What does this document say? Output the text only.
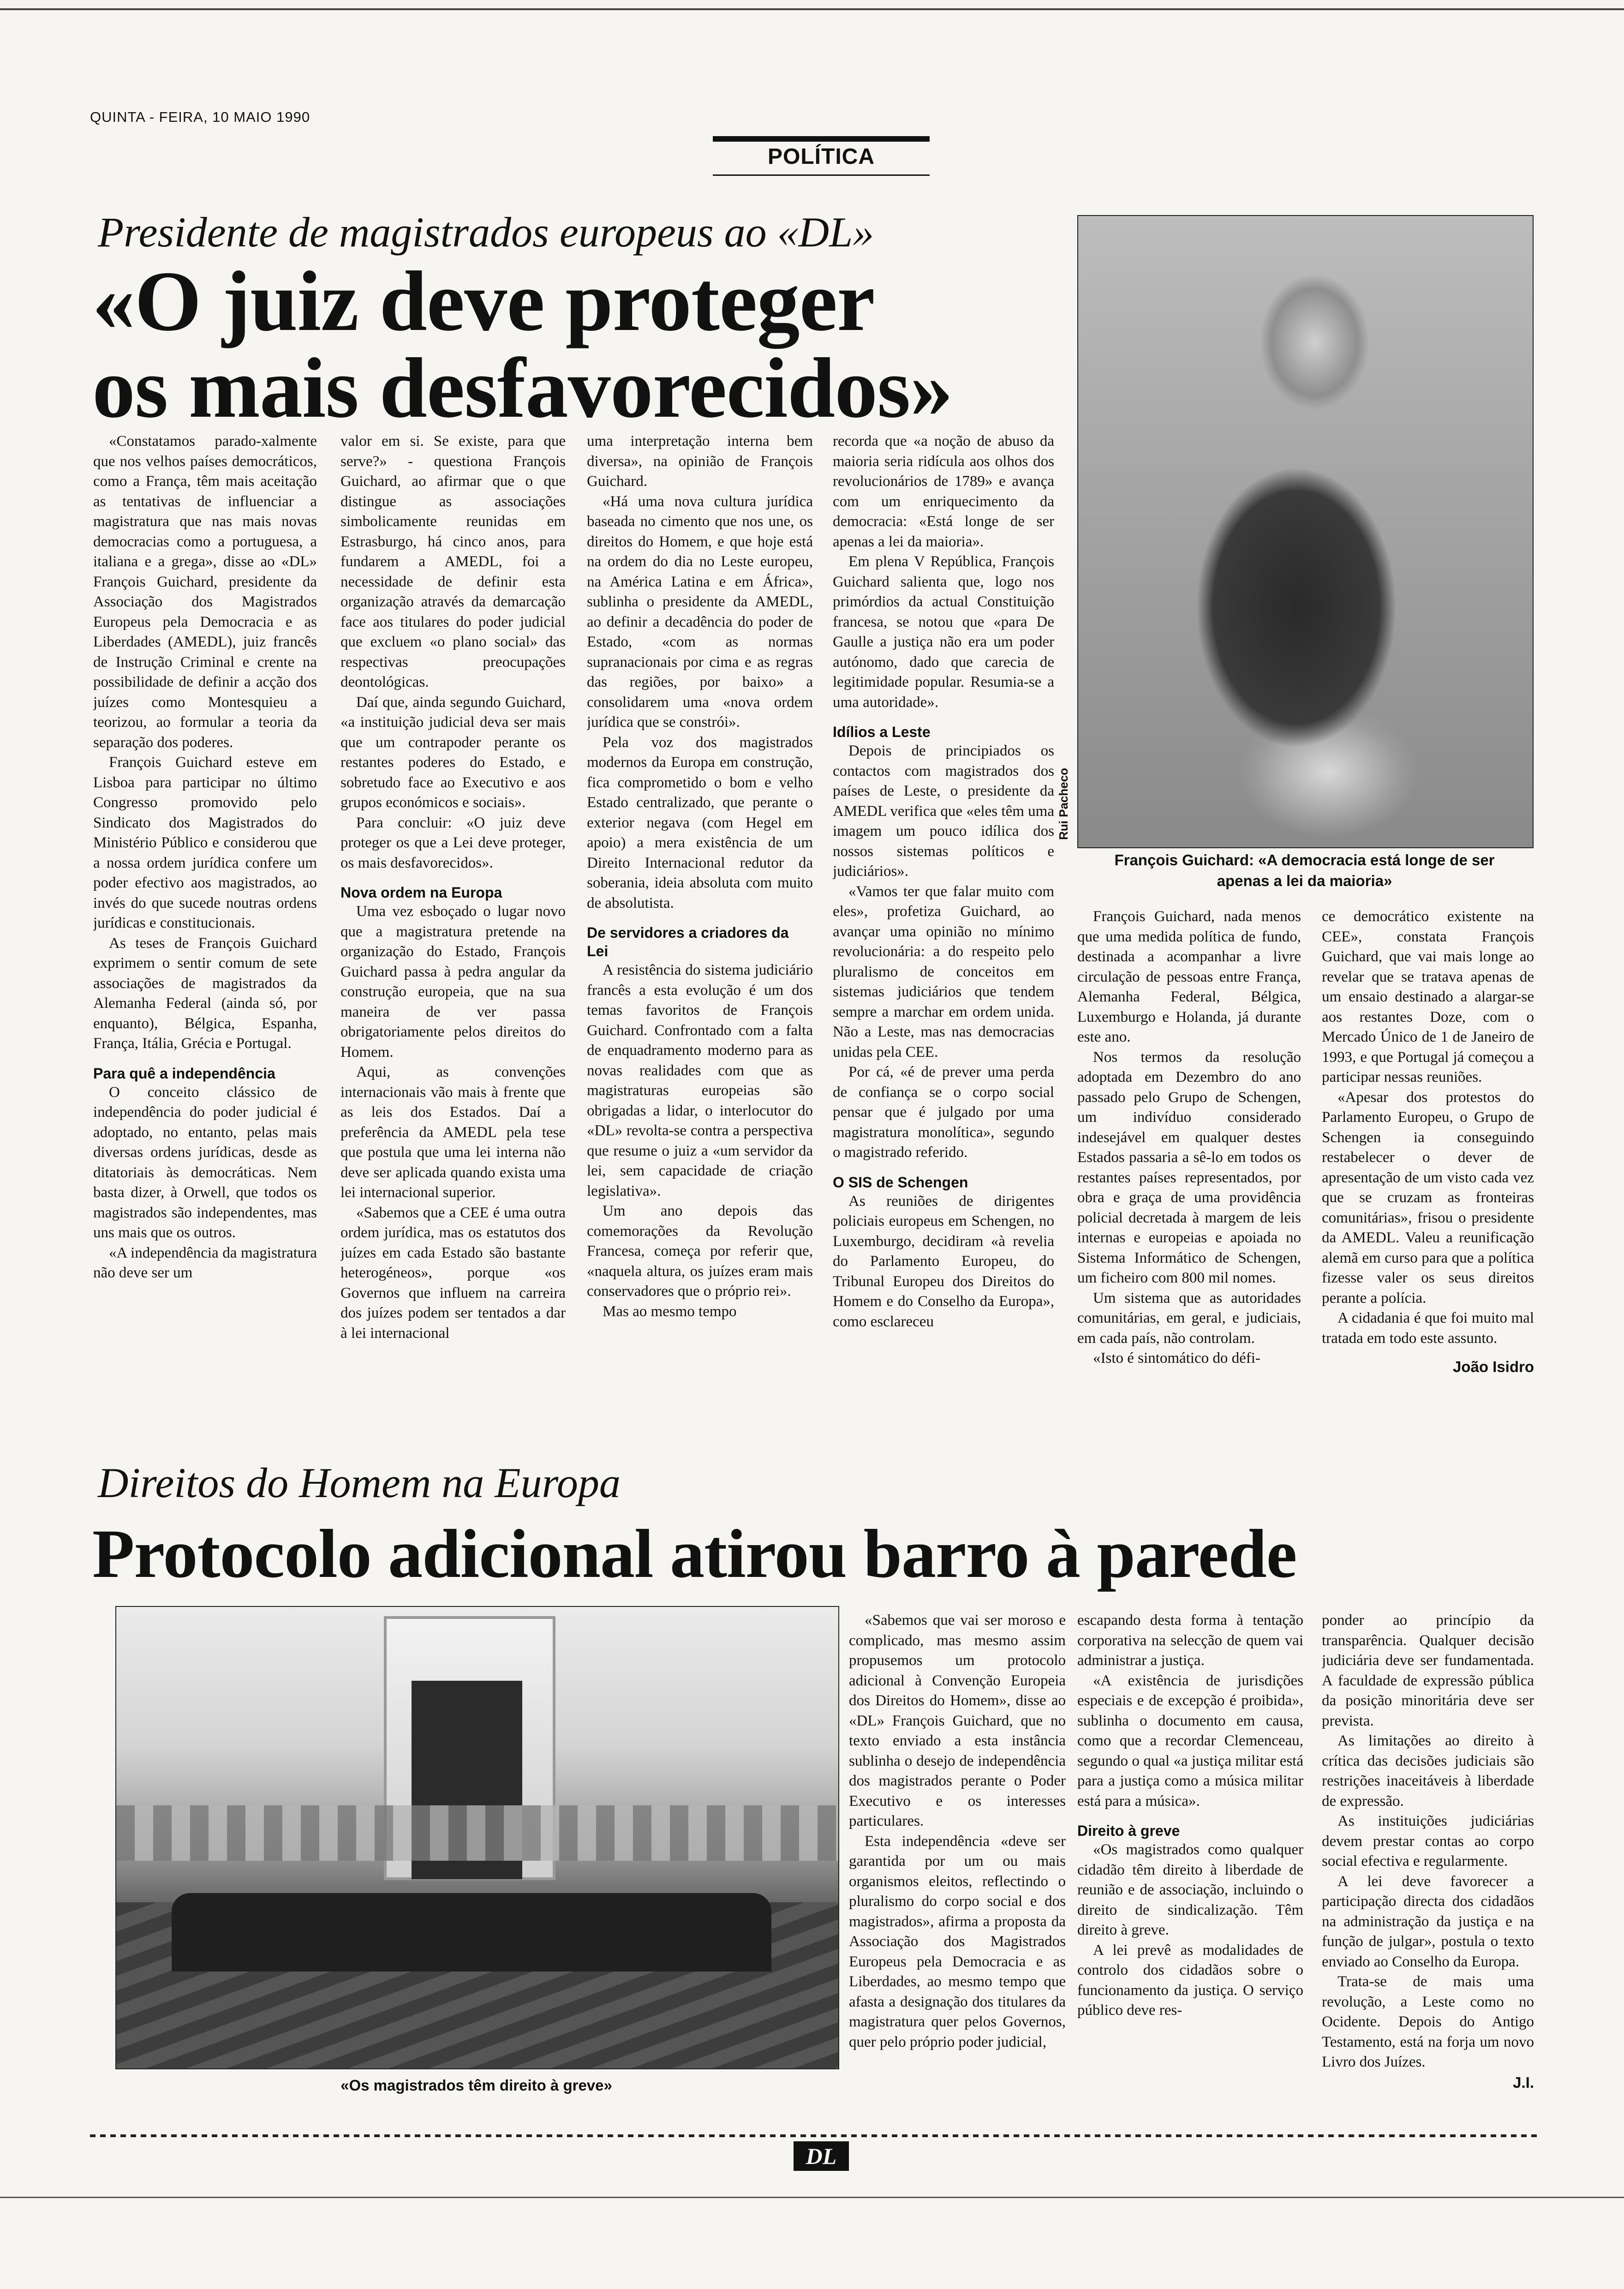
QUINTA - FEIRA, 10 MAIO 1990
POLÍTICA
Presidente de magistrados europeus ao «DL»
«O juiz deve proteger
os mais desfavorecidos»
Rui Pacheco
François Guichard: «A democracia está longe de ser
apenas a lei da maioria»

«Constatamos parado-xalmente que nos velhos países democráticos, como a França, têm mais aceitação as tentativas de influenciar a magistratura que nas mais novas democracias como a portuguesa, a italiana e a grega», disse ao «DL» François Guichard, presidente da Associação dos Magistrados Europeus pela Democracia e as Liberdades (AMEDL), juiz francês de Instrução Criminal e crente na possibilidade de definir a acção dos juízes como Montesquieu a teorizou, ao formular a teoria da separação dos poderes.

François Guichard esteve em Lisboa para participar no último Congresso promovido pelo Sindicato dos Magistrados do Ministério Público e considerou que a nossa ordem jurídica confere um poder efectivo aos magistrados, ao invés do que sucede noutras ordens jurídicas e constitucionais.

As teses de François Guichard exprimem o sentir comum de sete associações de magistrados da Alemanha Federal (ainda só, por enquanto), Bélgica, Espanha, França, Itália, Grécia e Portugal.

Para quê a independência

O conceito clássico de independência do poder judicial é adoptado, no entanto, pelas mais diversas ordens jurídicas, desde as ditatoriais às democráticas. Nem basta dizer, à Orwell, que todos os magistrados são independentes, mas uns mais que os outros.

«A independência da magistratura não deve ser um

valor em si. Se existe, para que serve?» - questiona François Guichard, ao afirmar que o que distingue as associações simbolicamente reunidas em Estrasburgo, há cinco anos, para fundarem a AMEDL, foi a necessidade de definir esta organização através da demarcação face aos titulares do poder judicial que excluem «o plano social» das respectivas preocupações deontológicas.

Daí que, ainda segundo Guichard, «a instituição judicial deva ser mais que um contrapoder perante os restantes poderes do Estado, e sobretudo face ao Executivo e aos grupos económicos e sociais».

Para concluir: «O juiz deve proteger os que a Lei deve proteger, os mais desfavorecidos».

Nova ordem na Europa

Uma vez esboçado o lugar novo que a magistratura pretende na organização do Estado, François Guichard passa à pedra angular da construção europeia, que na sua maneira de ver passa obrigatoriamente pelos direitos do Homem.

Aqui, as convenções internacionais vão mais à frente que as leis dos Estados. Daí a preferência da AMEDL pela tese que postula que uma lei interna não deve ser aplicada quando exista uma lei internacional superior.

«Sabemos que a CEE é uma outra ordem jurídica, mas os estatutos dos juízes em cada Estado são bastante heterogéneos», porque «os Governos que influem na carreira dos juízes podem ser tentados a dar à lei internacional

uma interpretação interna bem diversa», na opinião de François Guichard.

«Há uma nova cultura jurídica baseada no cimento que nos une, os direitos do Homem, e que hoje está na ordem do dia no Leste europeu, na América Latina e em África», sublinha o presidente da AMEDL, ao definir a decadência do poder de Estado, «com as normas supranacionais por cima e as regras das regiões, por baixo» a consolidarem uma «nova ordem jurídica que se constrói».

Pela voz dos magistrados modernos da Europa em construção, fica comprometido o bom e velho Estado centralizado, que perante o exterior negava (com Hegel em apoio) a mera existência de um Direito Internacional redutor da soberania, ideia absoluta com muito de absolutista.

De servidores a criadores da Lei

A resistência do sistema judiciário francês a esta evolução é um dos temas favoritos de François Guichard. Confrontado com a falta de enquadramento moderno para as novas realidades com que as magistraturas europeias são obrigadas a lidar, o interlocutor do «DL» revolta-se contra a perspectiva que resume o juiz a «um servidor da lei, sem capacidade de criação legislativa».

Um ano depois das comemorações da Revolução Francesa, começa por referir que, «naquela altura, os juízes eram mais conservadores que o próprio rei».

Mas ao mesmo tempo

recorda que «a noção de abuso da maioria seria ridícula aos olhos dos revolucionários de 1789» e avança com um enriquecimento da democracia: «Está longe de ser apenas a lei da maioria».

Em plena V República, François Guichard salienta que, logo nos primórdios da actual Constituição francesa, se notou que «para De Gaulle a justiça não era um poder autónomo, dado que carecia de legitimidade popular. Resumia-se a uma autoridade».

Idílios a Leste

Depois de principiados os contactos com magistrados dos países de Leste, o presidente da AMEDL verifica que «eles têm uma imagem um pouco idílica dos nossos sistemas políticos e judiciários».

«Vamos ter que falar muito com eles», profetiza Guichard, ao avançar uma opinião no mínimo revolucionária: a do respeito pelo pluralismo de conceitos em sistemas judiciários que tendem sempre a marchar em ordem unida. Não a Leste, mas nas democracias unidas pela CEE.

Por cá, «é de prever uma perda de confiança se o corpo social pensar que é julgado por uma magistratura monolítica», segundo o magistrado referido.

O SIS de Schengen

As reuniões de dirigentes policiais europeus em Schengen, no Luxemburgo, decidiram «à revelia do Parlamento Europeu, do Tribunal Europeu dos Direitos do Homem e do Conselho da Europa», como esclareceu

François Guichard, nada menos que uma medida política de fundo, destinada a acompanhar a livre circulação de pessoas entre França, Alemanha Federal, Bélgica, Luxemburgo e Holanda, já durante este ano.

Nos termos da resolução adoptada em Dezembro do ano passado pelo Grupo de Schengen, um indivíduo considerado indesejável em qualquer destes Estados passaria a sê-lo em todos os restantes países representados, por obra e graça de uma providência policial decretada à margem de leis internas e europeias e apoiada no Sistema Informático de Schengen, um ficheiro com 800 mil nomes.

Um sistema que as autoridades comunitárias, em geral, e judiciais, em cada país, não controlam.

«Isto é sintomático do défi-

ce democrático existente na CEE», constata François Guichard, que vai mais longe ao revelar que se tratava apenas de um ensaio destinado a alargar-se aos restantes Doze, com o Mercado Único de 1 de Janeiro de 1993, e que Portugal já começou a participar nessas reuniões.

«Apesar dos protestos do Parlamento Europeu, o Grupo de Schengen ia conseguindo restabelecer o dever de apresentação de um visto cada vez que se cruzam as fronteiras comunitárias», frisou o presidente da AMEDL. Valeu a reunificação alemã em curso para que a política fizesse valer os seus direitos perante a polícia.

A cidadania é que foi muito mal tratada em todo este assunto.

João Isidro

Direitos do Homem na Europa
Protocolo adicional atirou barro à parede
«Os magistrados têm direito à greve»

«Sabemos que vai ser moroso e complicado, mas mesmo assim propusemos um protocolo adicional à Convenção Europeia dos Direitos do Homem», disse ao «DL» François Guichard, que no texto enviado a esta instância sublinha o desejo de independência dos magistrados perante o Poder Executivo e os interesses particulares.

Esta independência «deve ser garantida por um ou mais organismos eleitos, reflectindo o pluralismo do corpo social e dos magistrados», afirma a proposta da Associação dos Magistrados Europeus pela Democracia e as Liberdades, ao mesmo tempo que afasta a designação dos titulares da magistratura quer pelos Governos, quer pelo próprio poder judicial,

escapando desta forma à tentação corporativa na selecção de quem vai administrar a justiça.

«A existência de jurisdições especiais e de excepção é proibida», sublinha o documento em causa, como que a recordar Clemenceau, segundo o qual «a justiça militar está para a justiça como a música militar está para a música».

Direito à greve

«Os magistrados como qualquer cidadão têm direito à liberdade de reunião e de associação, incluindo o direito de sindicalização. Têm direito à greve.

A lei prevê as modalidades de controlo dos cidadãos sobre o funcionamento da justiça. O serviço público deve res-

ponder ao princípio da transparência. Qualquer decisão judiciária deve ser fundamentada. A faculdade de expressão pública da posição minoritária deve ser prevista.

As limitações ao direito à crítica das decisões judiciais são restrições inaceitáveis à liberdade de expressão.

As instituições judiciárias devem prestar contas ao corpo social efectiva e regularmente.

A lei deve favorecer a participação directa dos cidadãos na administração da justiça e na função de julgar», postula o texto enviado ao Conselho da Europa.

Trata-se de mais uma revolução, a Leste como no Ocidente. Depois do Antigo Testamento, está na forja um novo Livro dos Juízes.

J.I.

DL
